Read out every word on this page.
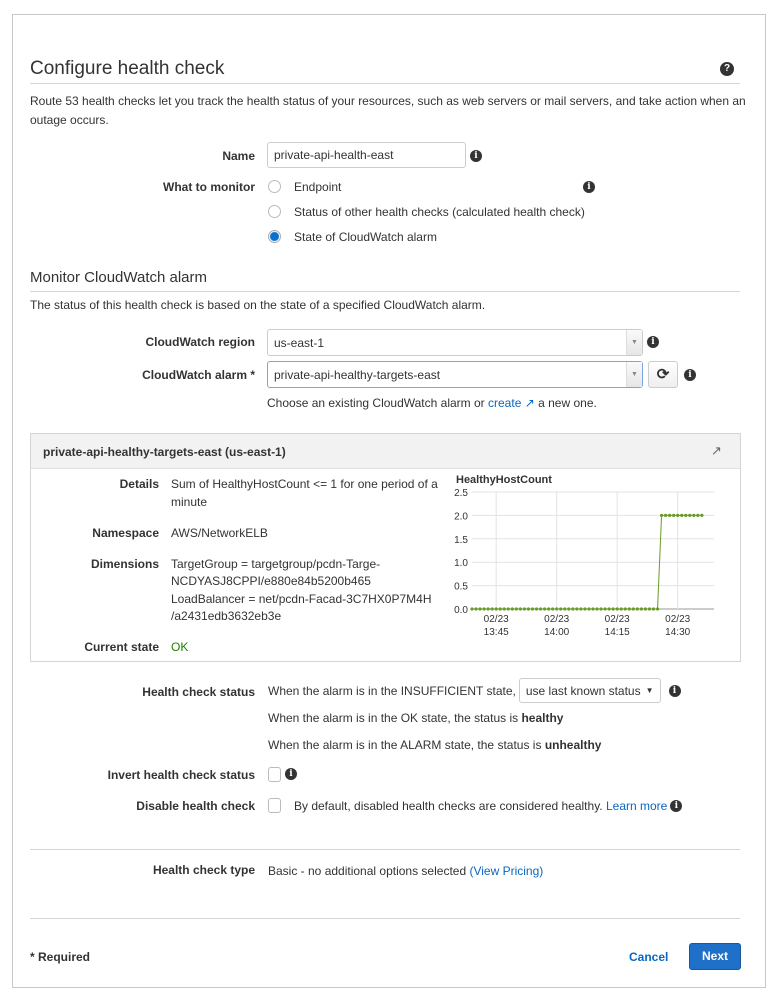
Configure health check	?
Route 53 health checks let you track the health status of your resources, such as web servers or mail servers, and take action when an
outage occurs.
Name private-api-health-east	i
What to monitor	Endpoint	i
Status of other health checks (calculated health check)
State of CloudWatch alarm
Monitor CloudWatch alarm
The status of this health check is based on the state of a specified CloudWatch alarm.
CloudWatch region us-east-1	▼	i
CloudWatch alarm * private-api-healthy-targets-east	▼	⟳	i
Choose an existing CloudWatch alarm or create ↗ a new one.
private-api-healthy-targets-east (us-east-1)	↗
Details Sum of HealthyHostCount <= 1 for one period of a
minute
Namespace AWS/NetworkELB
Dimensions TargetGroup = targetgroup/pcdn-Targe-
NCDYASJ8CPPI/e880e84b5200b465
LoadBalancer = net/pcdn-Facad-3C7HX0P7M4H
/a2431edb3632eb3e
Current state OK
HealthyHostCount
0.0
0.5
1.0
1.5
2.0
2.5
02/23
13:45
02/23
14:00
02/23
14:15
02/23
14:30
Health check status When the alarm is in the INSUFFICIENT state, use last known status ▼	i
When the alarm is in the OK state, the status is healthy
When the alarm is in the ALARM state, the status is unhealthy
Invert health check status	i
Disable health check	By default, disabled health checks are considered healthy.
Learn more i
Health check type Basic - no additional options selected (View Pricing)
* Required	Cancel	Next
